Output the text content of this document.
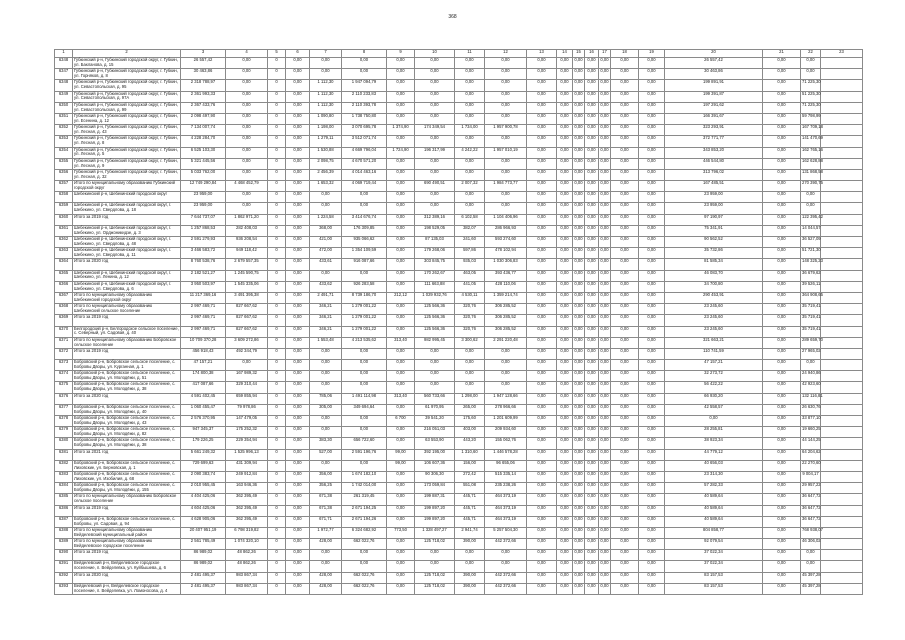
368
1	2	3	4	5	6	7	8	9	10	11	12	13	14	15	16	17	18	19	20	21	22	23
6348	Губкинский р-н, Губкинский городской округ, г. Губкин, ул. Бакланова, д. 15	26 557,42	0,00	0	0,00	0,00	0,00	0,00	0,00	0,00	0,00	0,00	0,00	0,00	0,00	0,00	0,00	0,00	26 557,42	0,00	0,00	
6347	Губкинский р-н, Губкинский городской округ, г. Губкин, ул. Горняков, д. 8	30 463,86	0,00	0	0,00	0,00	0,00	0,00	0,00	0,00	0,00	0,00	0,00	0,00	0,00	0,00	0,00	0,00	30 463,86	0,00	0,00	
6348	Губкинский р-н, Губкинский городской округ, г. Губкин, ул. Севастопольская, д. 95	2 318 788,97	0,00	0	0,00	1 112,30	1 947 094,79	0,00	0,00	0,00	0,00	0,00	0,00	0,00	0,00	0,00	0,00	0,00	199 891,91	0,00	71 225,30	
6349	Губкинский р-н, Губкинский городской округ, г. Губкин, ул. Севастопольская, д. 97А	2 361 993,33	0,00	0	0,00	1 112,30	2 110 233,83	0,00	0,00	0,00	0,00	0,00	0,00	0,00	0,00	0,00	0,00	0,00	199 391,87	0,00	51 225,30	
6350	Губкинский р-н, Губкинский городской округ, г. Губкин, ул. Севастопольская, д. 99	2 367 433,76	0,00	0	0,00	1 112,30	2 110 393,78	0,00	0,00	0,00	0,00	0,00	0,00	0,00	0,00	0,00	0,00	0,00	197 291,62	0,00	71 225,30	
6351	Губкинский р-н, Губкинский городской округ, г. Губкин, ул. Есенина, д. 12	2 098 497,90	0,00	0	0,00	1 090,80	1 738 750,80	0,00	0,00	0,00	0,00	0,00	0,00	0,00	0,00	0,00	0,00	0,00	166 391,67	0,00	59 798,99	
6352	Губкинский р-н, Губкинский городской округ, г. Губкин, ул. Лесная, д. 43	7 134 007,74	0,00	0	0,00	1 198,00	3 070 695,78	1 374,90	174 349,54	1 734,00	1 957 900,78	0,00	0,00	0,00	0,00	0,00	0,00	0,00	323 293,91	0,00	167 709,18	
6353	Губкинский р-н, Губкинский городской округ, г. Губкин, ул. Лесная, д. 8	4 228 284,70	0,00	0	0,00	1 279,11	3 512 071,74	0,00	0,00	0,00	0,00	0,00	0,00	0,00	0,00	0,00	0,00	0,00	372 771,77	0,00	141 470,69	
6354	Губкинский р-н, Губкинский городской округ, г. Губкин, ул. Лесная, д. 5	6 525 103,30	0,00	0	0,00	1 530,88	4 669 796,04	1 724,90	196 317,99	4 242,22	1 957 010,19	0,00	0,00	0,00	0,00	0,00	0,00	0,00	343 853,20	0,00	162 765,16	
6355	Губкинский р-н, Губкинский городской округ, г. Губкин, ул. Лесная, д. 9	5 321 445,56	0,00	0	0,00	2 098,75	4 670 571,20	0,00	0,00	0,00	0,00	0,00	0,00	0,00	0,00	0,00	0,00	0,00	446 544,80	0,00	162 628,88	
6356	Губкинский р-н, Губкинский городской округ, г. Губкин, ул. Лесная, д. 32	5 033 762,00	0,00	0	0,00	2 456,39	4 014 463,16	0,00	0,00	0,00	0,00	0,00	0,00	0,00	0,00	0,00	0,00	0,00	313 796,02	0,00	131 868,58	
6357	Итого по муниципальному образованию Губкинский городской округ	12 749 290,84	4 468 452,79	0	0,00	1 653,32	4 069 719,44	0,00	690 490,51	2 007,32	1 984 773,77	0,00	0,00	0,00	0,00	0,00	0,00	0,00	167 485,51	0,00	270 390,75	
6358	Шебекинский р-н, Шебекинский городской округ	23 959,00	0,00	0	0,00	0,00	0,00	0,00	0,00	0,00	0,00	0,00	0,00	0,00	0,00	0,00	0,00	0,00	23 959,00	0,00	0,00	
6359	Шебекинский р-н, Шебекинский городской округ, г. Шебекино, ул. Свердлова, д. 18	23 959,00	0,00	0	0,00	0,00	0,00	0,00	0,00	0,00	0,00	0,00	0,00	0,00	0,00	0,00	0,00	0,00	23 959,00	0,00	0,00	
6360	Итого за 2019 год	7 644 737,07	1 862 971,20	0	0,00	1 224,58	3 414 676,74	0,00	312 389,16	6 102,58	1 104 406,96	0,00	0,00	0,00	0,00	0,00	0,00	0,00	97 190,97	0,00	122 395,42	
6361	Шебекинский р-н, Шебекинский городской округ, г. Шебекино, ул. Орджоникидзе, д. 3	1 257 868,53	282 408,03	0	0,00	368,00	176 309,85	0,00	198 529,05	382,07	286 966,93	0,00	0,00	0,00	0,00	0,00	0,00	0,00	75 341,91	0,00	14 044,57	
6362	Шебекинский р-н, Шебекинский городской округ, г. Шебекино, ул. Свердлова, д. 48	2 591 279,93	936 208,54	0	0,00	421,00	935 066,62	0,00	87 135,03	241,60	593 274,60	0,00	0,00	0,00	0,00	0,00	0,00	0,00	90 562,52	0,00	36 527,09	
6363	Шебекинский р-н, Шебекинский городской округ, г. Шебекино, ул. Свердлова, д. 11	3 466 583,72	949 118,42	0	0,00	472,00	1 354 109,59	0,00	179 268,06	597,86	478 102,94	0,00	0,00	0,00	0,00	0,00	0,00	0,00	35 732,86	0,00	51 721,30	
6364	Итого за 2020 год	8 760 538,76	2 679 557,35	0	0,00	433,61	916 087,66	0,00	303 845,75	935,03	1 030 306,83	0,00	0,00	0,00	0,00	0,00	0,00	0,00	81 585,34	0,00	148 325,23	
6365	Шебекинский р-н, Шебекинский городской округ, г. Шебекино, ул. Ленина, д. 12	2 182 521,27	1 245 590,75	0	0,00	0,00	0,00	0,00	170 262,67	463,05	393 436,77	0,00	0,00	0,00	0,00	0,00	0,00	0,00	46 083,70	0,00	36 679,62	
6366	Шебекинский р-н, Шебекинский городской округ, г. Шебекино, ул. Свердлова, д. 6	3 950 503,97	1 545 335,06	0	0,00	433,62	926 283,58	0,00	111 663,88	441,05	428 110,06	0,00	0,00	0,00	0,00	0,00	0,00	0,00	34 700,80	0,00	39 526,11	
6367	Итого по муниципальному образованию Шебекинский городской округ	11 217 369,16	3 491 395,38	0	0,00	2 491,71	8 739 186,70	212,12	1 029 932,76	4 530,11	1 359 214,74	0,00	0,00	0,00	0,00	0,00	0,00	0,00	290 453,91	0,00	364 908,65	
6368	Итого по муниципальному образованию Шебекинский сельское поселение	2 997 469,71	827 667,62	0	0,00	346,21	1 279 001,22	0,00	125 566,36	320,76	306 285,52	0,00	0,00	0,00	0,00	0,00	0,00	0,00	23 245,60	0,00	35 719,41	
6369	Итого за 2019 год	2 997 469,71	827 667,62	0	0,00	346,21	1 279 001,22	0,00	125 566,36	320,76	306 285,52	0,00	0,00	0,00	0,00	0,00	0,00	0,00	23 245,60	0,00	35 719,41	
6370	Белгородский р-н, Белгородское сельское поселение, с. Северный, ул. Садовая, д. 40	2 997 469,71	827 667,62	0	0,00	346,21	1 279 001,22	0,00	125 566,36	320,76	306 285,52	0,00	0,00	0,00	0,00	0,00	0,00	0,00	23 245,60	0,00	35 719,41	
6371	Итого по муниципальному образованию Бобровское сельское поселение	10 709 370,28	3 609 272,86	0	0,00	1 553,48	4 213 535,62	313,40	982 995,45	3 300,62	2 291 220,48	0,00	0,00	0,00	0,00	0,00	0,00	0,00	321 663,21	0,00	289 659,70	
6372	Итого за 2019 год	456 918,43	492 344,79	0	0,00	0,00	0,00	0,00	0,00	0,00	0,00	0,00	0,00	0,00	0,00	0,00	0,00	0,00	110 741,59	0,00	27 965,02	
6373	Бобровский р-н, Бобровское сельское поселение, с. Бобровы Дворы, ул. Курганная, д. 1	47 157,21	0,00	0	0,00	0,00	0,00	0,00	0,00	0,00	0,00	0,00	0,00	0,00	0,00	0,00	0,00	0,00	47 157,21	0,00	0,00	
6374	Бобровский р-н, Бобровское сельское поселение, с. Бобровы Дворы, ул. Молодёжи, д. 51	174 800,38	167 989,32	0	0,00	0,00	0,00	0,00	0,00	0,00	0,00	0,00	0,00	0,00	0,00	0,00	0,00	0,00	32 273,72	0,00	24 940,86	
6375	Бобровский р-н, Бобровское сельское поселение, с. Бобровы Дворы, ул. Молодёжи, д. 38	417 087,66	329 310,44	0	0,00	0,00	0,00	0,00	0,00	0,00	0,00	0,00	0,00	0,00	0,00	0,00	0,00	0,00	56 422,22	0,00	42 923,60	
6376	Итого за 2020 год	4 591 402,45	659 855,94	0	0,00	785,06	1 491 114,98	313,40	560 733,66	1 298,00	1 947 128,66	0,00	0,00	0,00	0,00	0,00	0,00	0,00	66 930,20	0,00	132 116,81	
6377	Бобровский р-н, Бобровское сельское поселение, с. Бобровы Дворы, ул. Молодёжи, д. 40	1 060 455,47	79 978,86	0	0,00	305,00	349 694,64	0,00	61 970,95	265,00	278 966,66	0,00	0,00	0,00	0,00	0,00	0,00	0,00	42 558,57	0,00	26 630,76	
6378	Бобровский р-н, Бобровское сельское поселение, с. Бобровы Дворы, ул. Молодёжи, д. 43	2 576 370,95	147 479,05	0	0,00	0,00	0,00	6 700	39 541,20	175,60	1 201 609,99	0,00	0,00	0,00	0,00	0,00	0,00	0,00	0,00	0,00	33 877,10	
6379	Бобровский р-н, Бобровское сельское поселение, с. Бобровы Дворы, ул. Молодёжи, д. 82	947 345,37	175 252,32	0	0,00	0,00	0,00	0,00	216 051,03	403,00	209 934,60	0,00	0,00	0,00	0,00	0,00	0,00	0,00	28 255,81	0,00	19 660,25	
6380	Бобровский р-н, Бобровское сельское поселение, с. Бобровы Дворы, ул. Молодёжи, д. 38	179 226,25	229 354,94	0	0,00	383,30	656 722,60	0,00	63 553,90	443,20	155 062,76	0,00	0,00	0,00	0,00	0,00	0,00	0,00	38 923,34	0,00	44 144,25	
6381	Итого за 2021 год	5 661 249,32	1 525 996,13	0	0,00	527,00	2 591 196,76	99,00	392 195,00	1 310,60	1 446 578,28	0,00	0,00	0,00	0,00	0,00	0,00	0,00	44 779,12	0,00	64 204,62	
6382	Бобровский р-н, Бобровское сельское поселение, с. Лиховские, ул. Берновская, д. 1	729 699,63	431 309,94	0	0,00	0,00	0,00	99,00	106 607,36	156,00	96 655,06	0,00	0,00	0,00	0,00	0,00	0,00	0,00	40 656,03	0,00	22 270,60	
6383	Бобровский р-н, Бобровское сельское поселение, с. Лиховские, ул. Изобилия, д. 68	2 090 383,74	249 912,84	0	0,00	356,00	1 674 182,10	0,00	90 306,30	272,42	515 335,14	0,00	0,00	0,00	0,00	0,00	0,00	0,00	23 314,30	0,00	9 004,17	
6384	Бобровский р-н, Бобровское сельское поселение, с. Бобровы Дворы, ул. Молодёжи, д. 155	2 010 955,45	163 946,36	0	0,00	356,25	1 742 014,00	0,00	173 059,84	551,08	235 238,26	0,00	0,00	0,00	0,00	0,00	0,00	0,00	57 282,33	0,00	29 957,22	
6385	Итого по муниципальному образованию Бобровское сельское поселение	4 404 425,06	362 395,49	0	0,00	671,38	261 319,45	0,00	199 887,31	445,71	464 373,19	0,00	0,00	0,00	0,00	0,00	0,00	0,00	40 589,64	0,00	36 647,72	
6386	Итого за 2019 год	4 604 425,06	362 395,49	0	0,00	671,38	2 671 194,25	0,00	199 897,20	445,71	464 373,19	0,00	0,00	0,00	0,00	0,00	0,00	0,00	40 589,64	0,00	36 647,72	
6387	Бобровский р-н, Бобровское сельское поселение, с. Бобровы, ул. Садовая, д. 94	4 628 905,06	362 395,49	0	0,00	671,71	2 671 194,26	0,00	199 897,20	445,71	464 373,19	0,00	0,00	0,00	0,00	0,00	0,00	0,00	40 589,64	0,00	36 647,72	
6388	Итого по муниципальному образованию Вейделевский муниципальный район	20 407 951,19	6 798 319,82	0	0,00	1 972,77	6 324 682,92	773,50	1 328 497,27	2 941,74	5 257 504,30	0,00	0,00	0,00	0,00	0,00	0,00	0,00	804 858,77	0,00	768 938,07	
6389	Итого по муниципальному образованию Вейделевское городское поселение	2 561 785,49	1 074 320,10	0	0,00	428,00	662 022,76	0,00	125 718,02	390,00	442 372,66	0,00	0,00	0,00	0,00	0,00	0,00	0,00	92 079,54	0,00	46 306,02	
6390	Итого за 2019 год	86 989,02	48 862,26	0	0,00	0,00	0,00	0,00	0,00	0,00	0,00	0,00	0,00	0,00	0,00	0,00	0,00	0,00	37 022,34	0,00	0,00	
6391	Вейделевский р-н, Вейделевское городское поселение, п. Вейделевка, ул. Куйбышева, д. 6	86 989,02	48 862,26	0	0,00	0,00	0,00	0,00	0,00	0,00	0,00	0,00	0,00	0,00	0,00	0,00	0,00	0,00	37 022,34	0,00	0,00	
6392	Итого за 2020 год	2 481 495,37	983 867,34	0	0,00	428,00	662 022,76	0,00	125 718,02	390,00	442 372,66	0,00	0,00	0,00	0,00	0,00	0,00	0,00	83 157,53	0,00	45 397,28	
6393	Вейделевский р-н, Вейделевское городское поселение, п. Вейделевка, ул. Ломоносова, д. 4	2 481 495,37	983 867,34	0	0,00	428,00	662 022,76	0,00	125 718,02	390,00	442 372,66	0,00	0,00	0,00	0,00	0,00	0,00	0,00	83 157,53	0,00	45 397,28	
